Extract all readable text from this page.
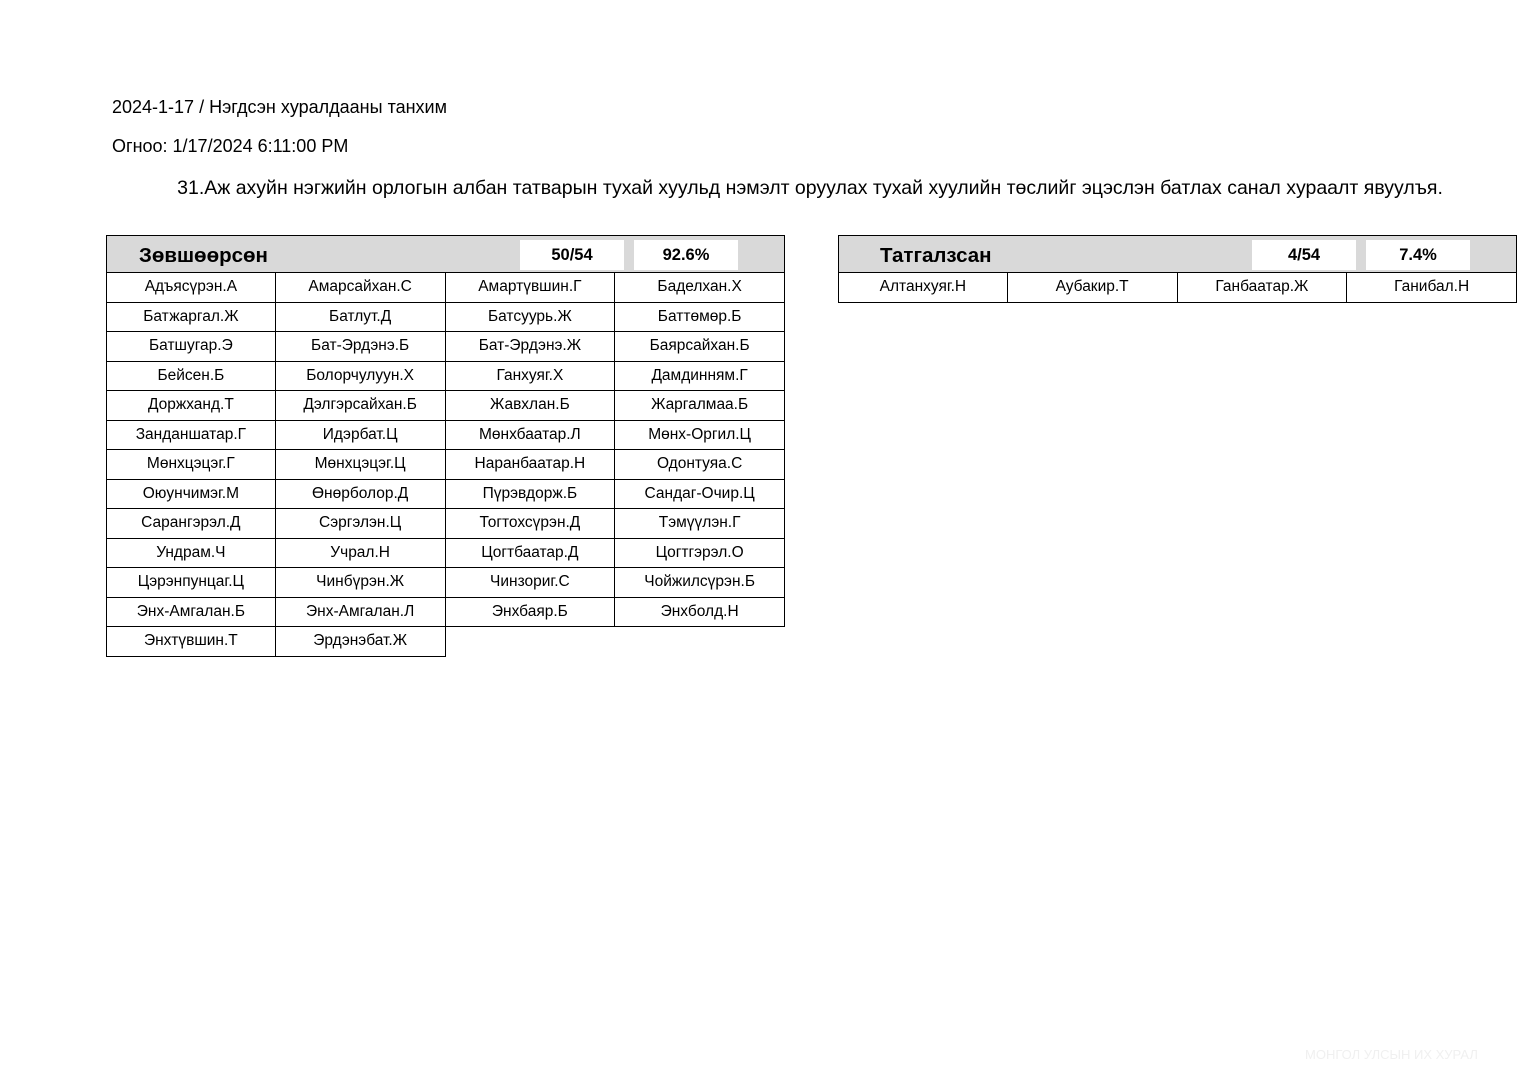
2024-1-17 / Нэгдсэн хуралдааны танхим
Огноо: 1/17/2024 6:11:00 PM
31.Аж ахуйн нэгжийн орлогын албан татварын тухай хуульд нэмэлт оруулах тухай хуулийн төслийг эцэслэн батлах санал хураалт явуулъя.
Зөвшөөрсөн	50/54	92.6%
Адъясүрэн.А	Амарсайхан.С	Амартүвшин.Г	Баделхан.Х
Батжаргал.Ж	Батлут.Д	Батсуурь.Ж	Баттөмөр.Б
Батшугар.Э	Бат-Эрдэнэ.Б	Бат-Эрдэнэ.Ж	Баярсайхан.Б
Бейсен.Б	Болорчулуун.Х	Ганхуяг.Х	Дамдинням.Г
Доржханд.Т	Дэлгэрсайхан.Б	Жавхлан.Б	Жаргалмаа.Б
Занданшатар.Г	Идэрбат.Ц	Мөнхбаатар.Л	Мөнх-Оргил.Ц
Мөнхцэцэг.Г	Мөнхцэцэг.Ц	Наранбаатар.Н	Одонтуяа.С
Оюунчимэг.М	Өнөрболор.Д	Пүрэвдорж.Б	Сандаг-Очир.Ц
Сарангэрэл.Д	Сэргэлэн.Ц	Тогтохсүрэн.Д	Тэмүүлэн.Г
Ундрам.Ч	Учрал.Н	Цогтбаатар.Д	Цогтгэрэл.О
Цэрэнпунцаг.Ц	Чинбүрэн.Ж	Чинзориг.С	Чойжилсүрэн.Б
Энх-Амгалан.Б	Энх-Амгалан.Л	Энхбаяр.Б	Энхболд.Н
Энхтүвшин.Т	Эрдэнэбат.Ж
Татгалзсан	4/54	7.4%
Алтанхуяг.Н	Аубакир.Т	Ганбаатар.Ж	Ганибал.Н
МОНГОЛ УЛСЫН ИХ ХУРАЛ
